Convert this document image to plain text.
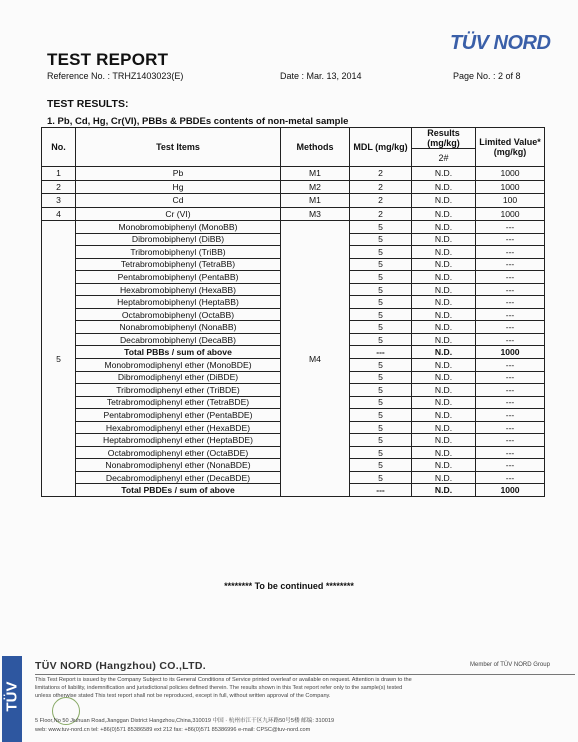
TÜV NORD
TEST REPORT
Reference No. : TRHZ1403023(E)	Date : Mar. 13, 2014	Page No. : 2 of 8
TEST RESULTS:
1. Pb, Cd, Hg, Cr(VI), PBBs & PBDEs contents of non-metal sample
No.	Test Items	Methods	MDL (mg/kg)	Results (mg/kg)	Limited Value* (mg/kg)
				2#	
1	Pb	M1	2	N.D.	1000
2	Hg	M2	2	N.D.	1000
3	Cd	M1	2	N.D.	100
4	Cr (VI)	M3	2	N.D.	1000
5	Monobromobiphenyl (MonoBB)	M4	5	N.D.	---
	Dibromobiphenyl (DiBB)		5	N.D.	---
	Tribromobiphenyl (TriBB)		5	N.D.	---
	Tetrabromobiphenyl (TetraBB)		5	N.D.	---
	Pentabromobiphenyl (PentaBB)		5	N.D.	---
	Hexabromobiphenyl (HexaBB)		5	N.D.	---
	Heptabromobiphenyl (HeptaBB)		5	N.D.	---
	Octabromobiphenyl (OctaBB)		5	N.D.	---
	Nonabromobiphenyl (NonaBB)		5	N.D.	---
	Decabromobiphenyl (DecaBB)		5	N.D.	---
	Total PBBs / sum of above		---	N.D.	1000
	Monobromodiphenyl ether (MonoBDE)		5	N.D.	---
	Dibromodiphenyl ether (DiBDE)		5	N.D.	---
	Tribromodiphenyl ether (TriBDE)		5	N.D.	---
	Tetrabromodiphenyl ether (TetraBDE)		5	N.D.	---
	Pentabromodiphenyl ether (PentaBDE)		5	N.D.	---
	Hexabromodiphenyl ether (HexaBDE)		5	N.D.	---
	Heptabromodiphenyl ether (HeptaBDE)		5	N.D.	---
	Octabromodiphenyl ether (OctaBDE)		5	N.D.	---
	Nonabromodiphenyl ether (NonaBDE)		5	N.D.	---
	Decabromodiphenyl ether (DecaBDE)		5	N.D.	---
	Total PBDEs / sum of above		---	N.D.	1000
******** To be continued ********
TÜV
TÜV NORD (Hangzhou) CO.,LTD.	Member of TÜV NORD Group
This Test Report is issued by the Company Subject to its General Conditions of Service printed overleaf or available on request. Attention is drawn to the
limitations of liability, indemnification and jurisdictional policies defined therein. The results shown in this Test report refer only to the sample(s) tested
unless otherwise stated This test report shall not be reproduced, except in full, without written approval of the Company.
5 Floor,No 50 Jiuhuan Road,Jianggan District Hangzhou,China,310019 中国 · 杭州市江干区九环路50号5楼 邮编: 310019
web: www.tuv-nord.cn tel: +86(0)571 85386589 ext 212 fax: +86(0)571 85386996 e-mail: CPSC@tuv-nord.com
